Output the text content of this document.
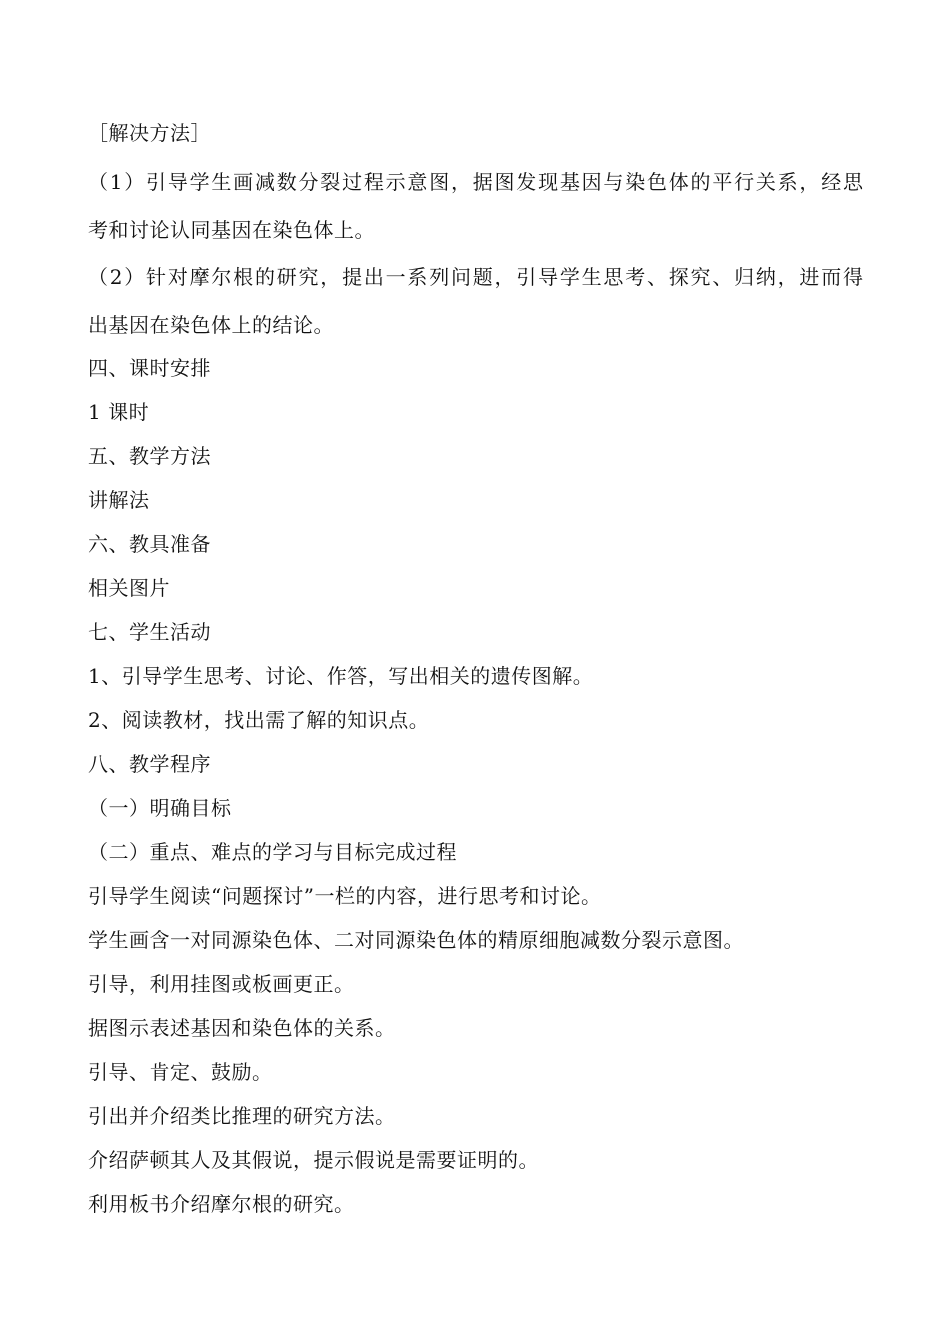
［解决方法］
（1）引导学生画减数分裂过程示意图，据图发现基因与染色体的平行关系，经思
考和讨论认同基因在染色体上。
（2）针对摩尔根的研究，提出一系列问题，引导学生思考、探究、归纳，进而得
出基因在染色体上的结论。
四、课时安排
1 课时
五、教学方法
讲解法
六、教具准备
相关图片
七、学生活动
1、引导学生思考、讨论、作答，写出相关的遗传图解。
2、阅读教材，找出需了解的知识点。
八、教学程序
（一）明确目标
（二）重点、难点的学习与目标完成过程
引导学生阅读“问题探讨”一栏的内容，进行思考和讨论。
学生画含一对同源染色体、二对同源染色体的精原细胞减数分裂示意图。
引导，利用挂图或板画更正。
据图示表述基因和染色体的关系。
引导、肯定、鼓励。
引出并介绍类比推理的研究方法。
介绍萨顿其人及其假说，提示假说是需要证明的。
利用板书介绍摩尔根的研究。
